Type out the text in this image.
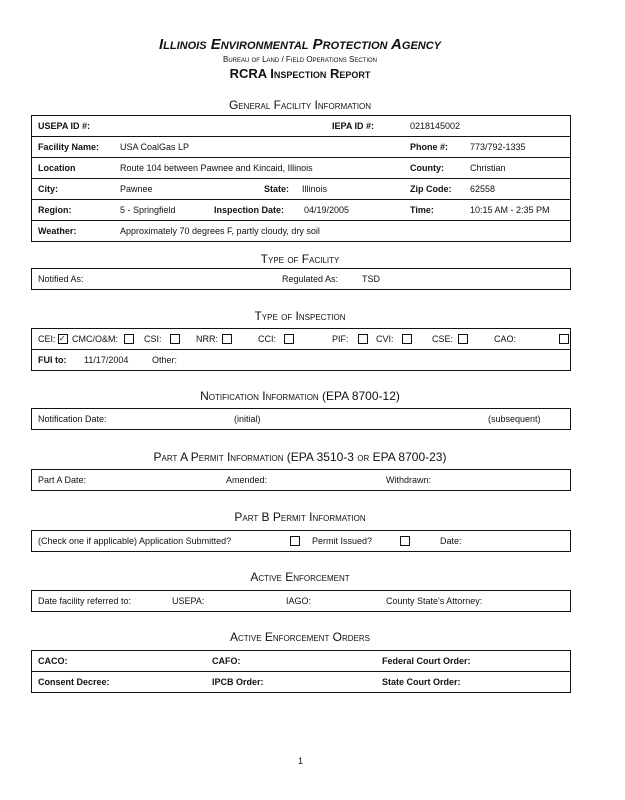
Illinois Environmental Protection Agency
Bureau of Land / Field Operations Section
RCRA Inspection Report
General Facility Information
USEPA ID #:	IEPA ID #:	0218145002
Facility Name: USA CoalGas LP	Phone #: 773/792-1335
Location	Route 104 between Pawnee and Kincaid, Illinois	County:	Christian
City:	Pawnee	State: Illinois	Zip Code: 62558
Region:	5 - Springfield	Inspection Date: 04/19/2005	Time:	10:15 AM - 2:35 PM
Weather:	Approximately 70 degrees F, partly cloudy, dry soil
Type of Facility
Notified As:	Regulated As:	TSD
Type of Inspection
CEI: ✓ CMC/O&M:	CSI:	NRR:	CCI:	PIF:	CVI:	CSE:	CAO:
FUI to: 11/17/2004	Other:
Notification Information (EPA 8700-12)
Notification Date:	(initial)	(subsequent)
Part A Permit Information (EPA 3510-3 or EPA 8700-23)
Part A Date:	Amended:	Withdrawn:
Part B Permit Information
(Check one if applicable) Application Submitted?	Permit Issued?	Date:
Active Enforcement
Date facility referred to:	USEPA:	IAGO:	County State's Attorney:
Active Enforcement Orders
CACO:	CAFO:	Federal Court Order:
Consent Decree:	IPCB Order:	State Court Order:
1
